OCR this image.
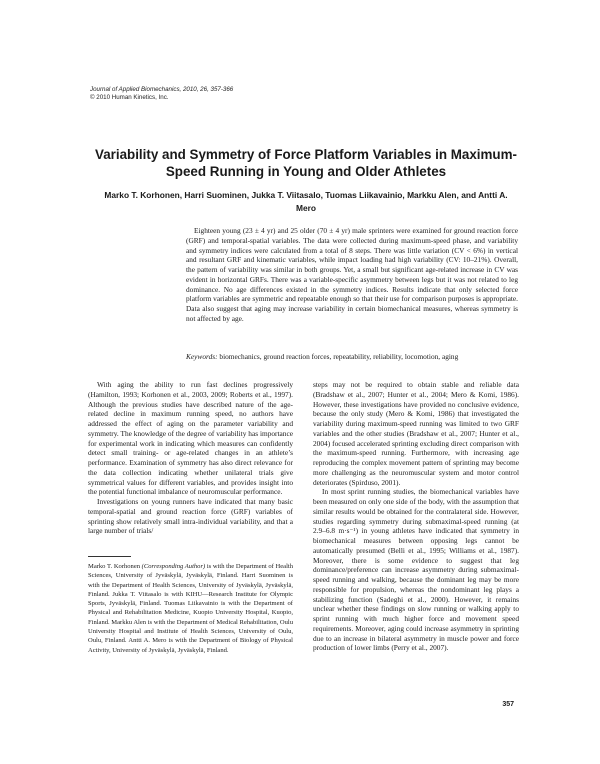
Journal of Applied Biomechanics, 2010, 26, 357-366
© 2010 Human Kinetics, Inc.
Variability and Symmetry of Force Platform Variables in Maximum-Speed Running in Young and Older Athletes
Marko T. Korhonen, Harri Suominen, Jukka T. Viitasalo, Tuomas Liikavainio, Markku Alen, and Antti A. Mero
Eighteen young (23 ± 4 yr) and 25 older (70 ± 4 yr) male sprinters were examined for ground reaction force (GRF) and temporal-spatial variables. The data were collected during maximum-speed phase, and variability and symmetry indices were calculated from a total of 8 steps. There was little variation (CV < 6%) in vertical and resultant GRF and kinematic variables, while impact loading had high variability (CV: 10–21%). Overall, the pattern of variability was similar in both groups. Yet, a small but significant age-related increase in CV was evident in horizontal GRFs. There was a variable-specific asymmetry between legs but it was not related to leg dominance. No age differences existed in the symmetry indices. Results indicate that only selected force platform variables are symmetric and repeatable enough so that their use for comparison purposes is appropriate. Data also suggest that aging may increase variability in certain biomechanical measures, whereas symmetry is not affected by age.
Keywords: biomechanics, ground reaction forces, repeatability, reliability, locomotion, aging

With aging the ability to run fast declines progressively (Hamilton, 1993; Korhonen et al., 2003, 2009; Roberts et al., 1997). Although the previous studies have described nature of the age-related decline in maximum running speed, no authors have addressed the effect of aging on the parameter variability and symmetry. The knowledge of the degree of variability has importance for experimental work in indicating which measures can confidently detect small training- or age-related changes in an athlete’s performance. Examination of symmetry has also direct relevance for the data collection indicating whether unilateral trials give symmetrical values for different variables, and provides insight into the potential functional imbalance of neuromuscular performance.

Investigations on young runners have indicated that many basic temporal-spatial and ground reaction force (GRF) variables of sprinting show relatively small intra-individual variability, and that a large number of trials/

Marko T. Korhonen (Corresponding Author) is with the Department of Health Sciences, University of Jyväskylä, Jyväskylä, Finland. Harri Suominen is with the Department of Health Sciences, University of Jyväskylä, Jyväskylä, Finland. Jukka T. Viitasalo is with KIHU—Research Institute for Olympic Sports, Jyväskylä, Finland. Tuomas Liikavainio is with the Department of Physical and Rehabilitation Medicine, Kuopio University Hospital, Kuopio, Finland. Markku Alen is with the Department of Medical Rehabilitation, Oulu University Hospital and Institute of Health Sciences, University of Oulu, Oulu, Finland. Antti A. Mero is with the Department of Biology of Physical Activity, University of Jyväskylä, Jyväskylä, Finland.

steps may not be required to obtain stable and reliable data (Bradshaw et al., 2007; Hunter et al., 2004; Mero & Komi, 1986). However, these investigations have provided no conclusive evidence, because the only study (Mero & Komi, 1986) that investigated the variability during maximum-speed running was limited to two GRF variables and the other studies (Bradshaw et al., 2007; Hunter et al., 2004) focused accelerated sprinting excluding direct comparison with the maximum-speed running. Furthermore, with increasing age reproducing the complex movement pattern of sprinting may become more challenging as the neuromuscular system and motor control deteriorates (Spirduso, 2001).

In most sprint running studies, the biomechanical variables have been measured on only one side of the body, with the assumption that similar results would be obtained for the contralateral side. However, studies regarding symmetry during submaximal-speed running (at 2.9–6.8 m·s⁻¹) in young athletes have indicated that symmetry in biomechanical measures between opposing legs cannot be automatically presumed (Belli et al., 1995; Williams et al., 1987). Moreover, there is some evidence to suggest that leg dominance/preference can increase asymmetry during submaximal-speed running and walking, because the dominant leg may be more responsible for propulsion, whereas the nondominant leg plays a stabilizing function (Sadeghi et al., 2000). However, it remains unclear whether these findings on slow running or walking apply to sprint running with much higher force and movement speed requirements. Moreover, aging could increase asymmetry in sprinting due to an increase in bilateral asymmetry in muscle power and force production of lower limbs (Perry et al., 2007).

357
